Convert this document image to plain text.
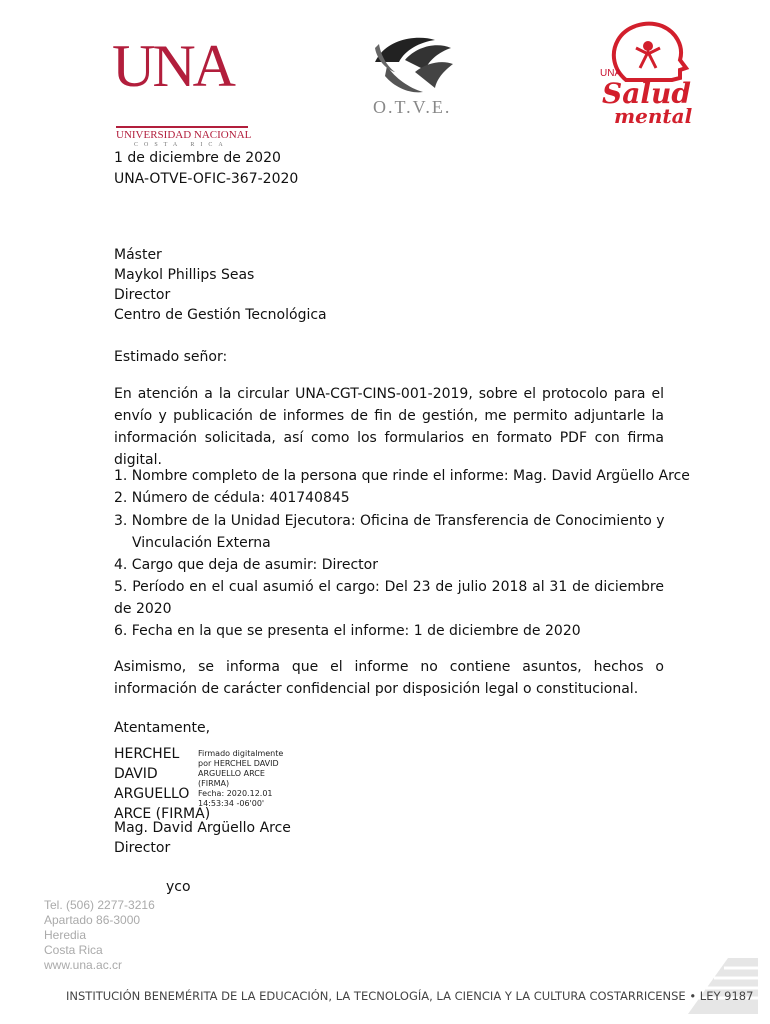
UNA
UNIVERSIDAD NACIONAL
COSTA RICA
O.T.V.E.
UNA
Salud
mental
1 de diciembre de 2020
UNA-OTVE-OFIC-367-2020
Máster
Maykol Phillips Seas
Director
Centro de Gestión Tecnológica
Estimado señor:
En atención a la circular UNA-CGT-CINS-001-2019, sobre el protocolo para el envío y publicación de informes de fin de gestión, me permito adjuntarle la información solicitada, así como los formularios en formato PDF con firma digital.
1. Nombre completo de la persona que rinde el informe: Mag. David Argüello Arce
2. Número de cédula: 401740845
3. Nombre de la Unidad Ejecutora: Oficina de Transferencia de Conocimiento y
Vinculación Externa
4. Cargo que deja de asumir: Director
5. Período en el cual asumió el cargo: Del 23 de julio 2018 al 31 de diciembre de 2020
6. Fecha en la que se presenta el informe: 1 de diciembre de 2020
Asimismo, se informa que el informe no contiene asuntos, hechos o información de carácter confidencial por disposición legal o constitucional.
Atentamente,
HERCHEL
DAVID
ARGUELLO
ARCE (FIRMA)
Firmado digitalmente
por HERCHEL DAVID
ARGUELLO ARCE
(FIRMA)
Fecha: 2020.12.01
14:53:34 -06'00'
Mag. David Argüello Arce
Director
yco
Tel. (506) 2277-3216
Apartado 86-3000
Heredia
Costa Rica
www.una.ac.cr
INSTITUCIÓN BENEMÉRITA DE LA EDUCACIÓN, LA TECNOLOGÍA, LA CIENCIA Y LA CULTURA COSTARRICENSE • LEY 9187
